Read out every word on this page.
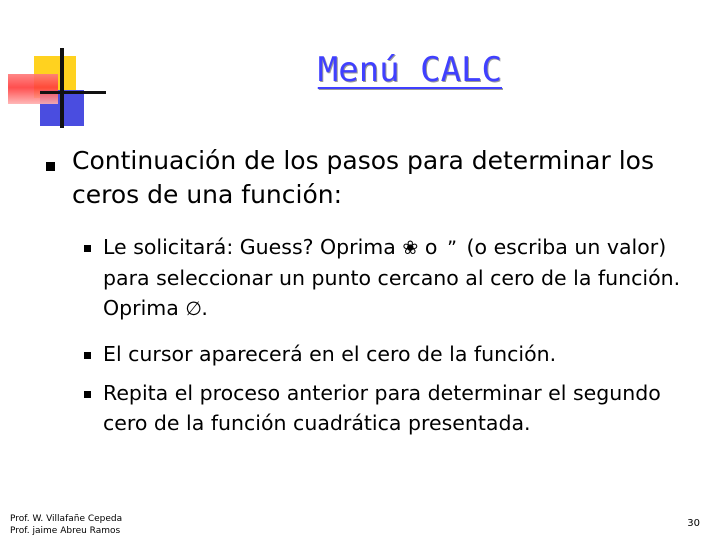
Menú CALC
Continuación de los pasos para determinar los ceros de una función:
Le solicitará: Guess? Oprima ❀ o ” (o escriba un valor) para seleccionar un punto cercano al cero de la función. Oprima ∅.
El cursor aparecerá en el cero de la función.
Repita el proceso anterior para determinar el segundo cero de la función cuadrática presentada.
Prof. W. Villafañe Cepeda
Prof. jaime Abreu Ramos
30
